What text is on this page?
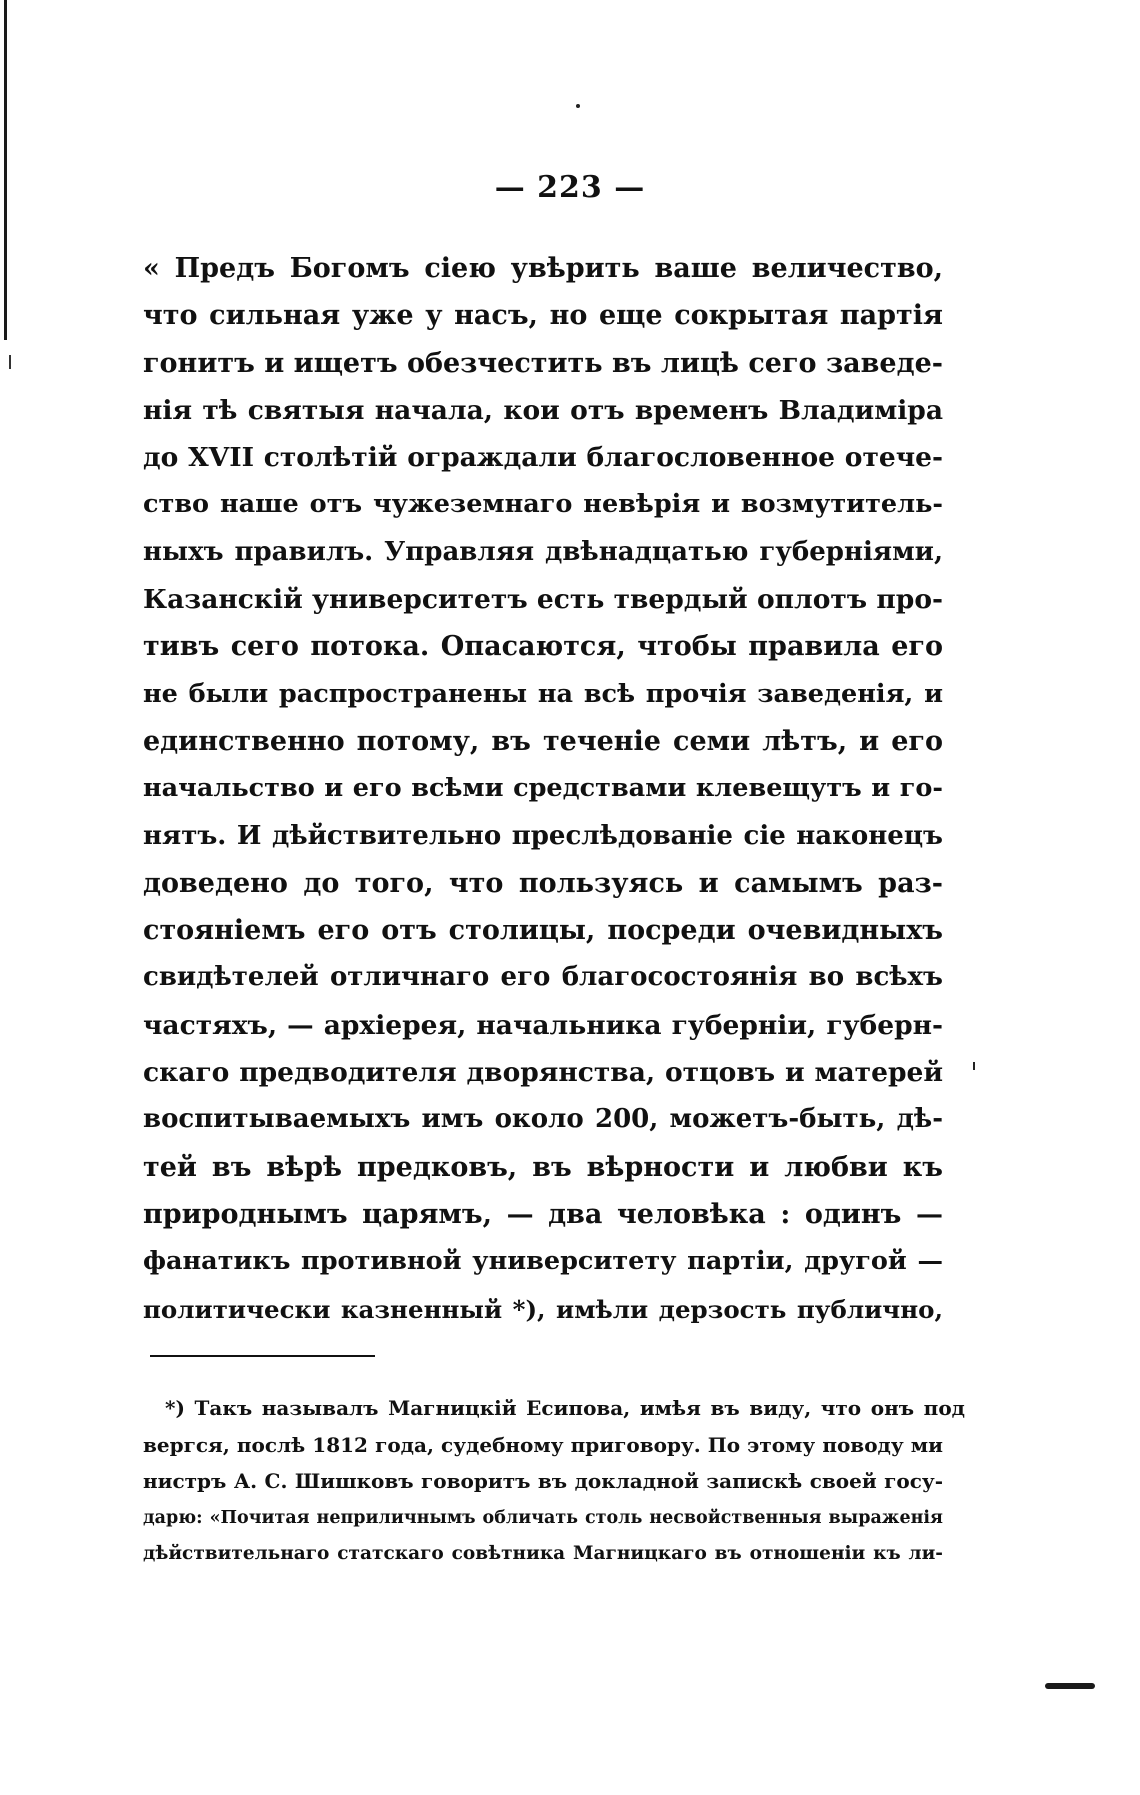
— 223 —
« Предъ Богомъ сіею увѣрить ваше величество,
что сильная уже у насъ, но еще сокрытая партія
гонитъ и ищетъ обезчестить въ лицѣ сего заведе-
нія тѣ святыя начала, кои отъ временъ Владиміра
до XVII столѣтій ограждали благословенное отече-
ство наше отъ чужеземнаго невѣрія и возмутитель-
ныхъ правилъ. Управляя двѣнадцатью губерніями,
Казанскій университетъ есть твердый оплотъ про-
тивъ сего потока. Опасаются, чтобы правила его
не были распространены на всѣ прочія заведенія, и
единственно потому, въ теченіе семи лѣтъ, и его
начальство и его всѣми средствами клевещутъ и го-
нятъ. И дѣйствительно преслѣдованіе сіе наконецъ
доведено до того, что пользуясь и самымъ раз-
стояніемъ его отъ столицы, посреди очевидныхъ
свидѣтелей отличнаго его благосостоянія во всѣхъ
частяхъ, — архіерея, начальника губерніи, губерн-
скаго предводителя дворянства, отцовъ и матерей
воспитываемыхъ имъ около 200, можетъ-быть, дѣ-
тей въ вѣрѣ предковъ, въ вѣрности и любви къ
природнымъ царямъ, — два человѣка : одинъ —
фанатикъ противной университету партіи, другой —
политически казненный *), имѣли дерзость публично,
*) Такъ называлъ Магницкій Есипова, имѣя въ виду, что онъ под
вергся, послѣ 1812 года, судебному приговору. По этому поводу ми
нистръ А. С. Шишковъ говоритъ въ докладной запискѣ своей госу-
дарю: «Почитая неприличнымъ обличать столь несвойственныя выраженія
дѣйствительнаго статскаго совѣтника Магницкаго въ отношеніи къ ли-
